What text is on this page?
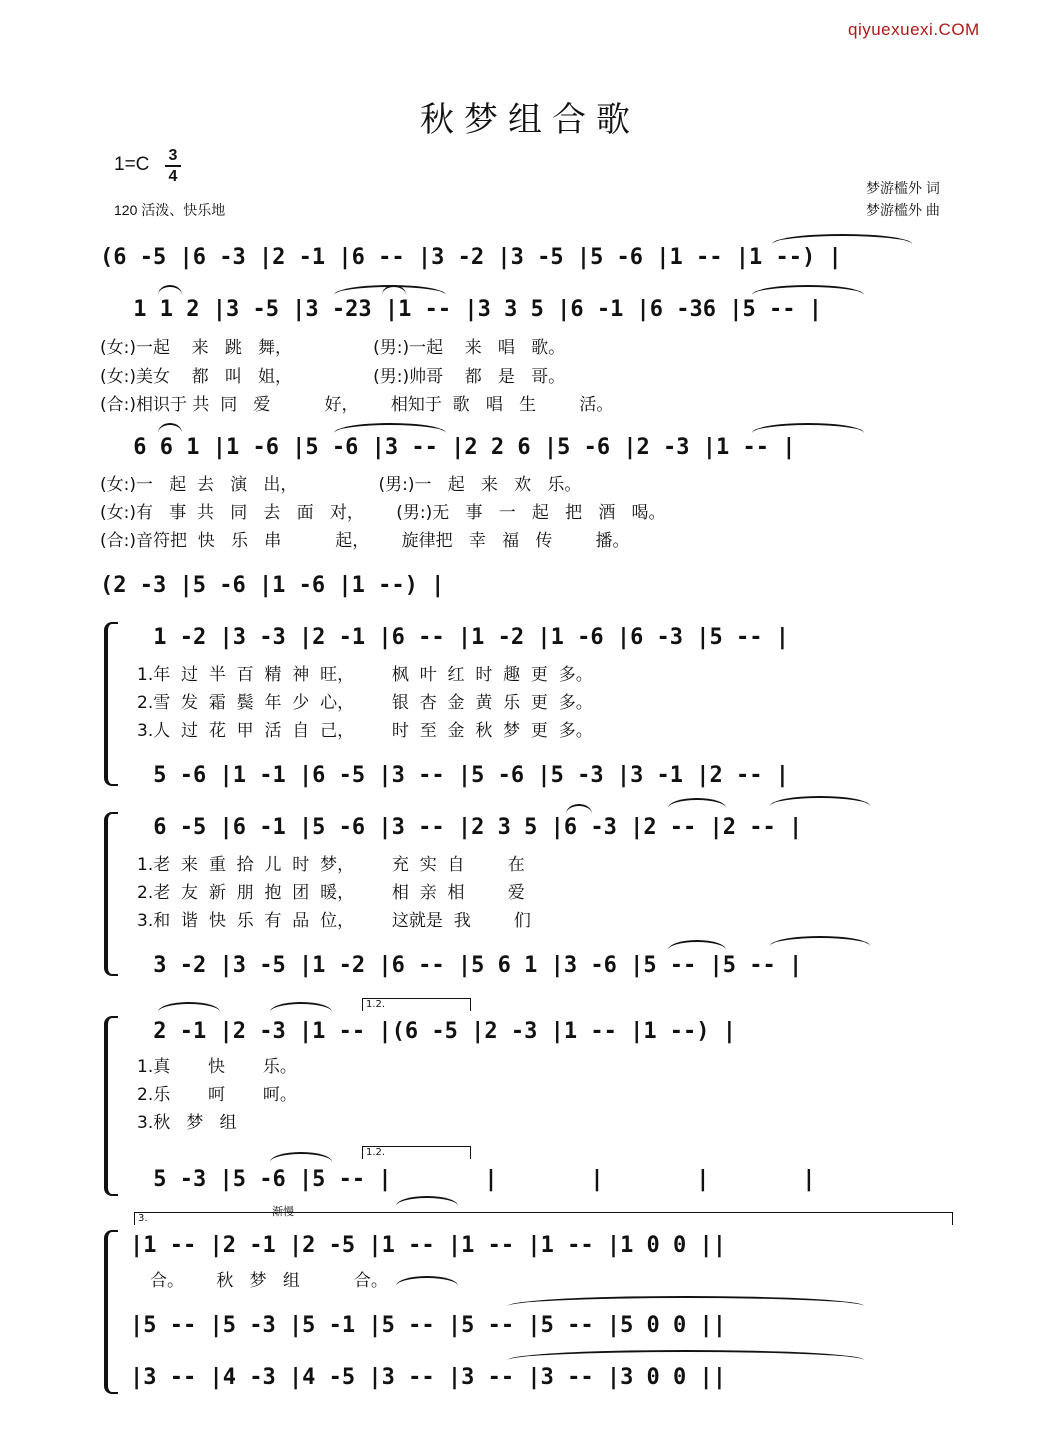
qiyuexuexi.COM
秋梦组合歌
1=C 3
4
120 活泼、快乐地
梦游槛外 词
梦游槛外 曲
(6 -5 |6 -3 |2 -1 |6 -- |3 -2 |3 -5 |5 -6 |1 -- |1 --) |
1 1 2 |3 -5 |3 -23 |1 -- |3 3 5 |6 -1 |6 -36 |5 -- |
(女:)一起    来   跳   舞，               (男:)一起    来   唱   歌。
(女:)美女    都   叫   姐，               (男:)帅哥    都   是   哥。
(合:)相识于 共  同   爱          好，      相知于  歌   唱   生        活。
6 6 1 |1 -6 |5 -6 |3 -- |2 2 6 |5 -6 |2 -3 |1 -- |
(女:)一   起  去   演   出，               (男:)一   起   来   欢   乐。
(女:)有   事  共   同   去   面   对，      (男:)无   事   一   起   把   酒   喝。
(合:)音符把  快   乐   串          起，      旋律把   幸   福   传        播。
(2 -3 |5 -6 |1 -6 |1 --) |
1 -2 |3 -3 |2 -1 |6 -- |1 -2 |1 -6 |6 -3 |5 -- |
1.年  过  半  百  精  神  旺，       枫  叶  红  时  趣  更  多。
2.雪  发  霜  鬓  年  少  心，       银  杏  金  黄  乐  更  多。
3.人  过  花  甲  活  自  己，       时  至  金  秋  梦  更  多。
5 -6 |1 -1 |6 -5 |3 -- |5 -6 |5 -3 |3 -1 |2 -- |
6 -5 |6 -1 |5 -6 |3 -- |2 3 5 |6 -3 |2 -- |2 -- |
1.老  来  重  拾  儿  时  梦，       充  实  自        在
2.老  友  新  朋  抱  团  暖，       相  亲  相        爱
3.和  谐  快  乐  有  品  位，       这就是  我        们
3 -2 |3 -5 |1 -2 |6 -- |5 6 1 |3 -6 |5 -- |5 -- |
1.2.
2 -1 |2 -3 |1 -- |(6 -5 |2 -3 |1 -- |1 --) |
1.真       快       乐。
2.乐       呵       呵。
3.秋   梦   组
1.2.
5 -3 |5 -6 |5 -- |       |       |       |       |
3.
渐慢
|1 -- |2 -1 |2 -5 |1 -- |1 -- |1 -- |1 0 0 ||
合。      秋   梦   组          合。
|5 -- |5 -3 |5 -1 |5 -- |5 -- |5 -- |5 0 0 ||
|3 -- |4 -3 |4 -5 |3 -- |3 -- |3 -- |3 0 0 ||
